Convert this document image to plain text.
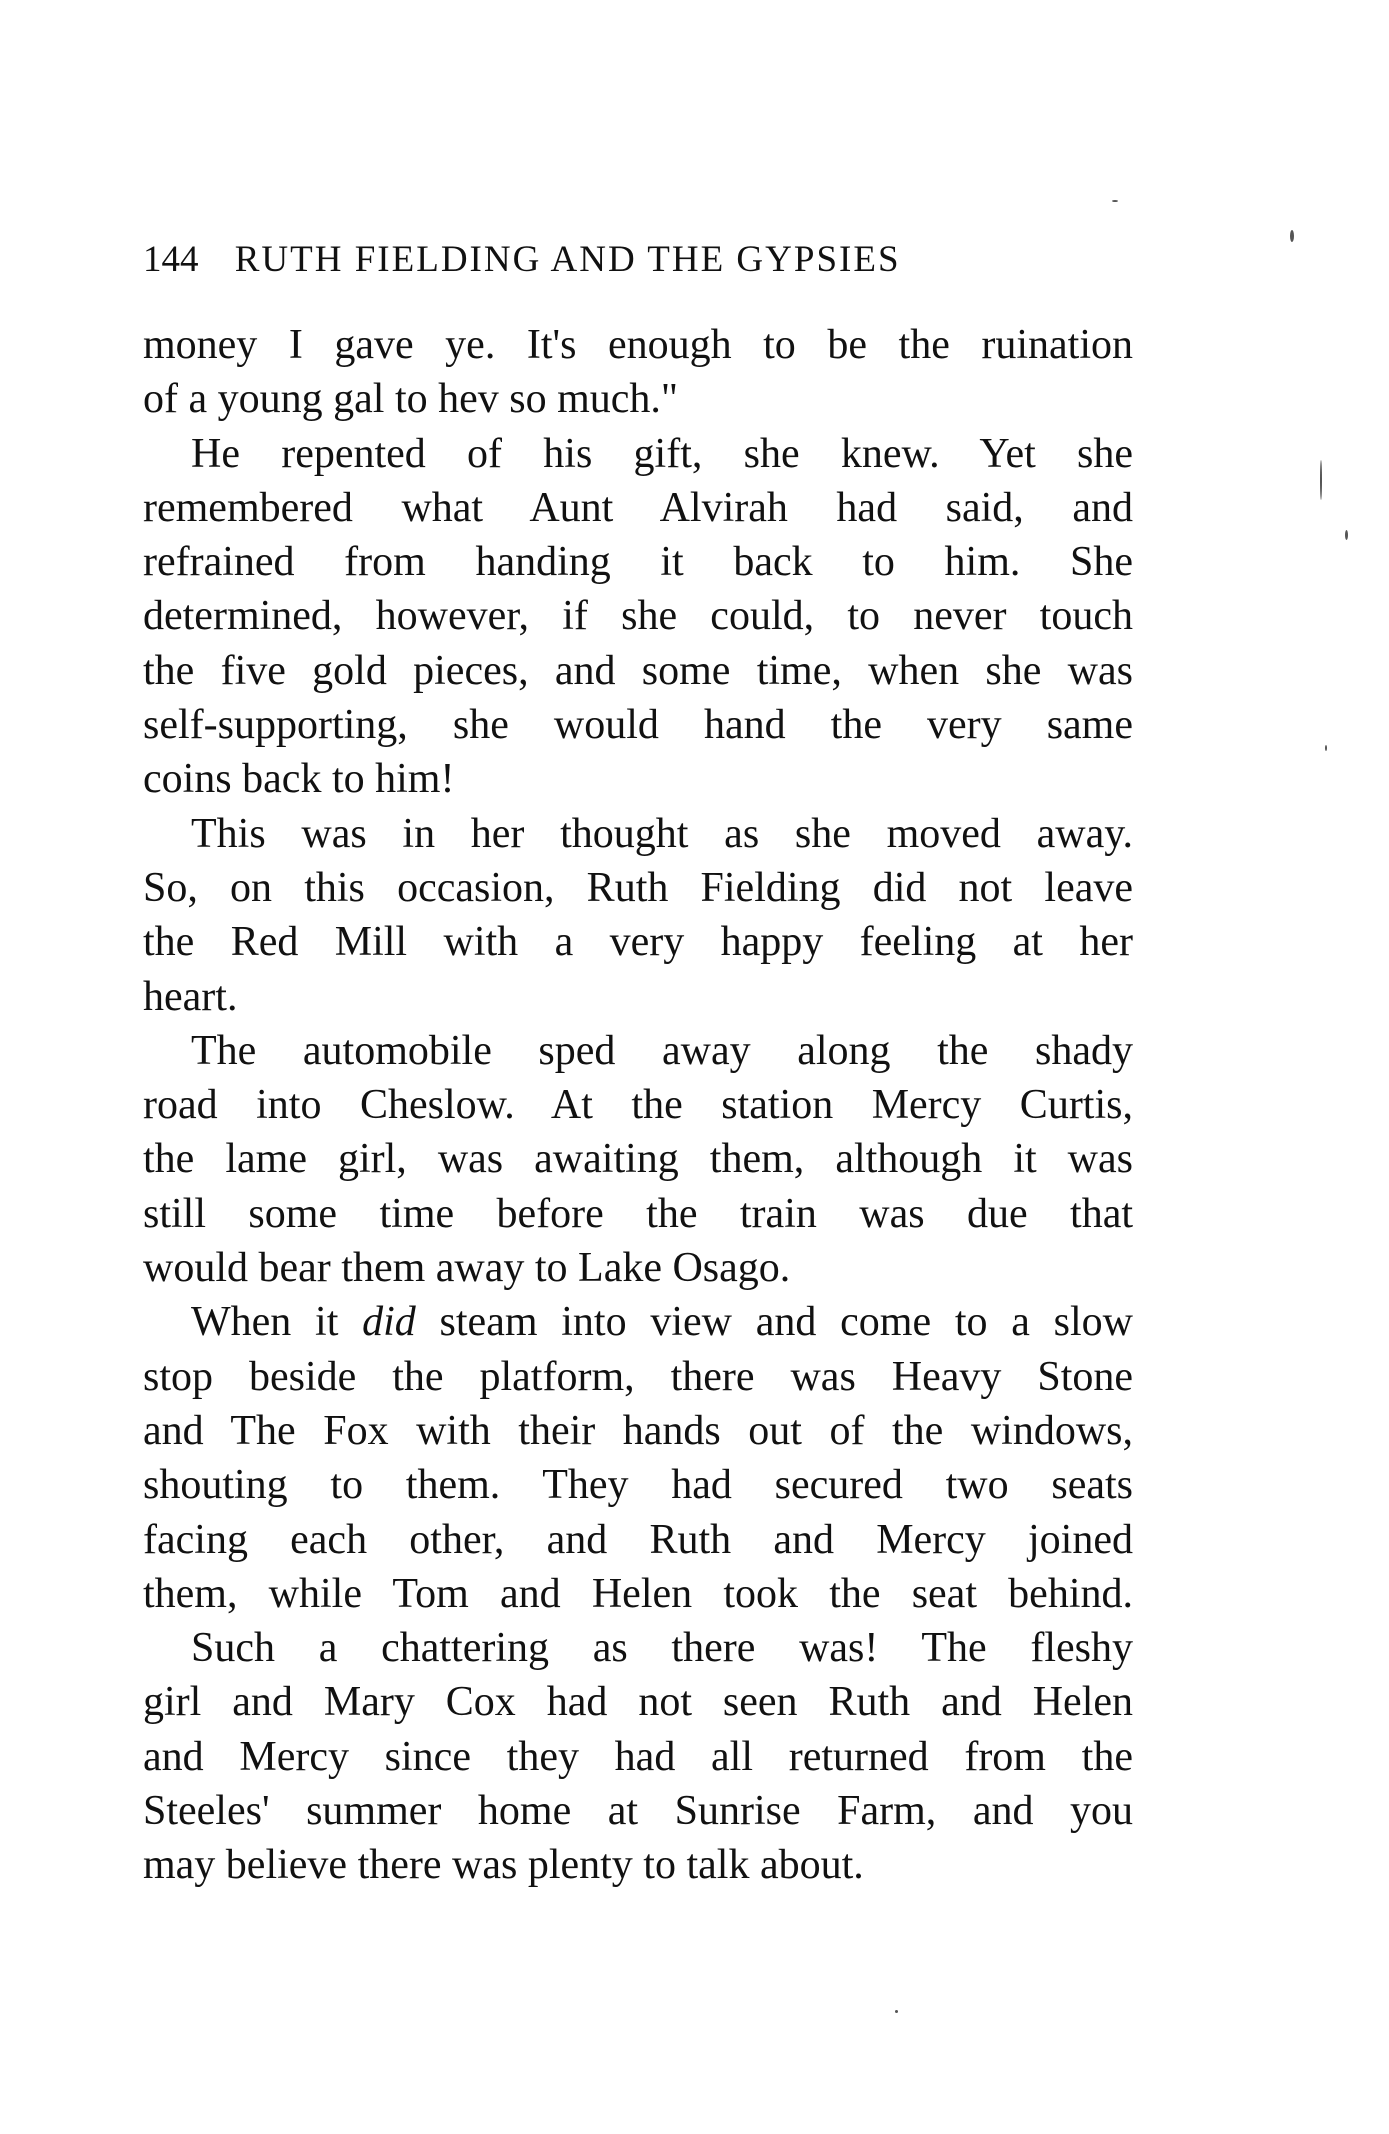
144 RUTH FIELDING AND THE GYPSIES
money I gave ye. It's enough to be the ruination
of a young gal to hev so much."
He repented of his gift, she knew. Yet she
remembered what Aunt Alvirah had said, and
refrained from handing it back to him. She
determined, however, if she could, to never touch
the five gold pieces, and some time, when she was
self-supporting, she would hand the very same
coins back to him!
This was in her thought as she moved away.
So, on this occasion, Ruth Fielding did not leave
the Red Mill with a very happy feeling at her
heart.
The automobile sped away along the shady
road into Cheslow. At the station Mercy Curtis,
the lame girl, was awaiting them, although it was
still some time before the train was due that
would bear them away to Lake Osago.
When it did steam into view and come to a slow
stop beside the platform, there was Heavy Stone
and The Fox with their hands out of the windows,
shouting to them. They had secured two seats
facing each other, and Ruth and Mercy joined
them, while Tom and Helen took the seat behind.
Such a chattering as there was! The fleshy
girl and Mary Cox had not seen Ruth and Helen
and Mercy since they had all returned from the
Steeles' summer home at Sunrise Farm, and you
may believe there was plenty to talk about.
